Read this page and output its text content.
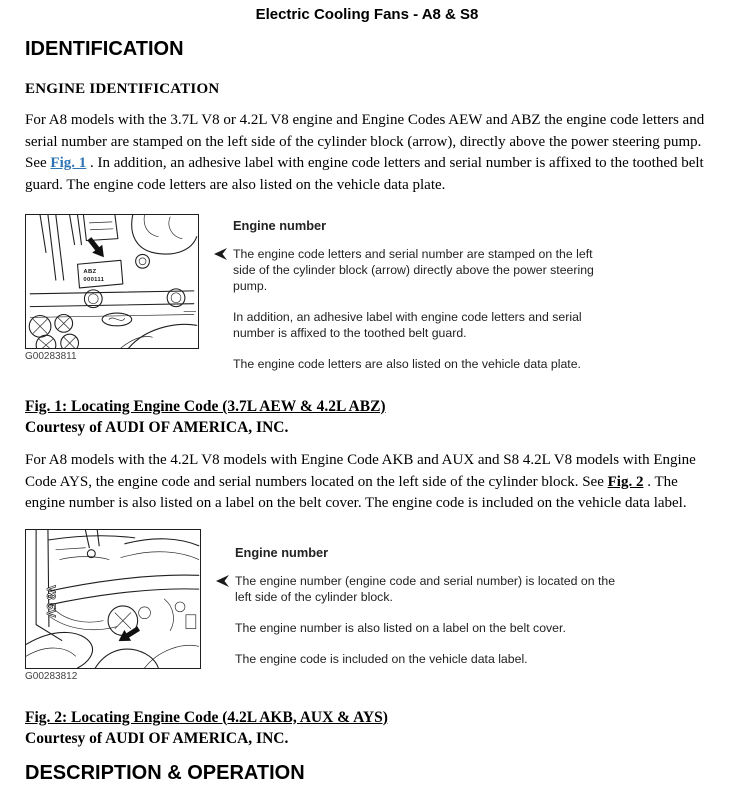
Electric Cooling Fans - A8 & S8
IDENTIFICATION
ENGINE IDENTIFICATION

For A8 models with the 3.7L V8 or 4.2L V8 engine and Engine Codes AEW and ABZ the engine code letters and serial number are stamped on the left side of the cylinder block (arrow), directly above the power steering pump. See Fig. 1 . In addition, an adhesive label with engine code letters and serial number is affixed to the toothed belt guard. The engine code letters are also listed on the vehicle data plate.

ABZ
000111
G00283811

Engine number

The engine code letters and serial number are stamped on the left side of the cylinder block (arrow) directly above the power steering pump.

In addition, an adhesive label with engine code letters and serial number is affixed to the toothed belt guard.

The engine code letters are also listed on the vehicle data plate.

Fig. 1: Locating Engine Code (3.7L AEW & 4.2L ABZ)
Courtesy of AUDI OF AMERICA, INC.

For A8 models with the 4.2L V8 models with Engine Code AKB and AUX and S8 4.2L V8 models with Engine Code AYS, the engine code and serial numbers located on the left side of the cylinder block. See Fig. 2 . The engine number is also listed on a label on the belt cover. The engine code is included on the vehicle data label.

V8 5V
G00283812

Engine number

The engine number (engine code and serial number) is located on the left side of the cylinder block.

The engine number is also listed on a label on the belt cover.

The engine code is included on the vehicle data label.

Fig. 2: Locating Engine Code (4.2L AKB, AUX & AYS)
Courtesy of AUDI OF AMERICA, INC.
DESCRIPTION & OPERATION
